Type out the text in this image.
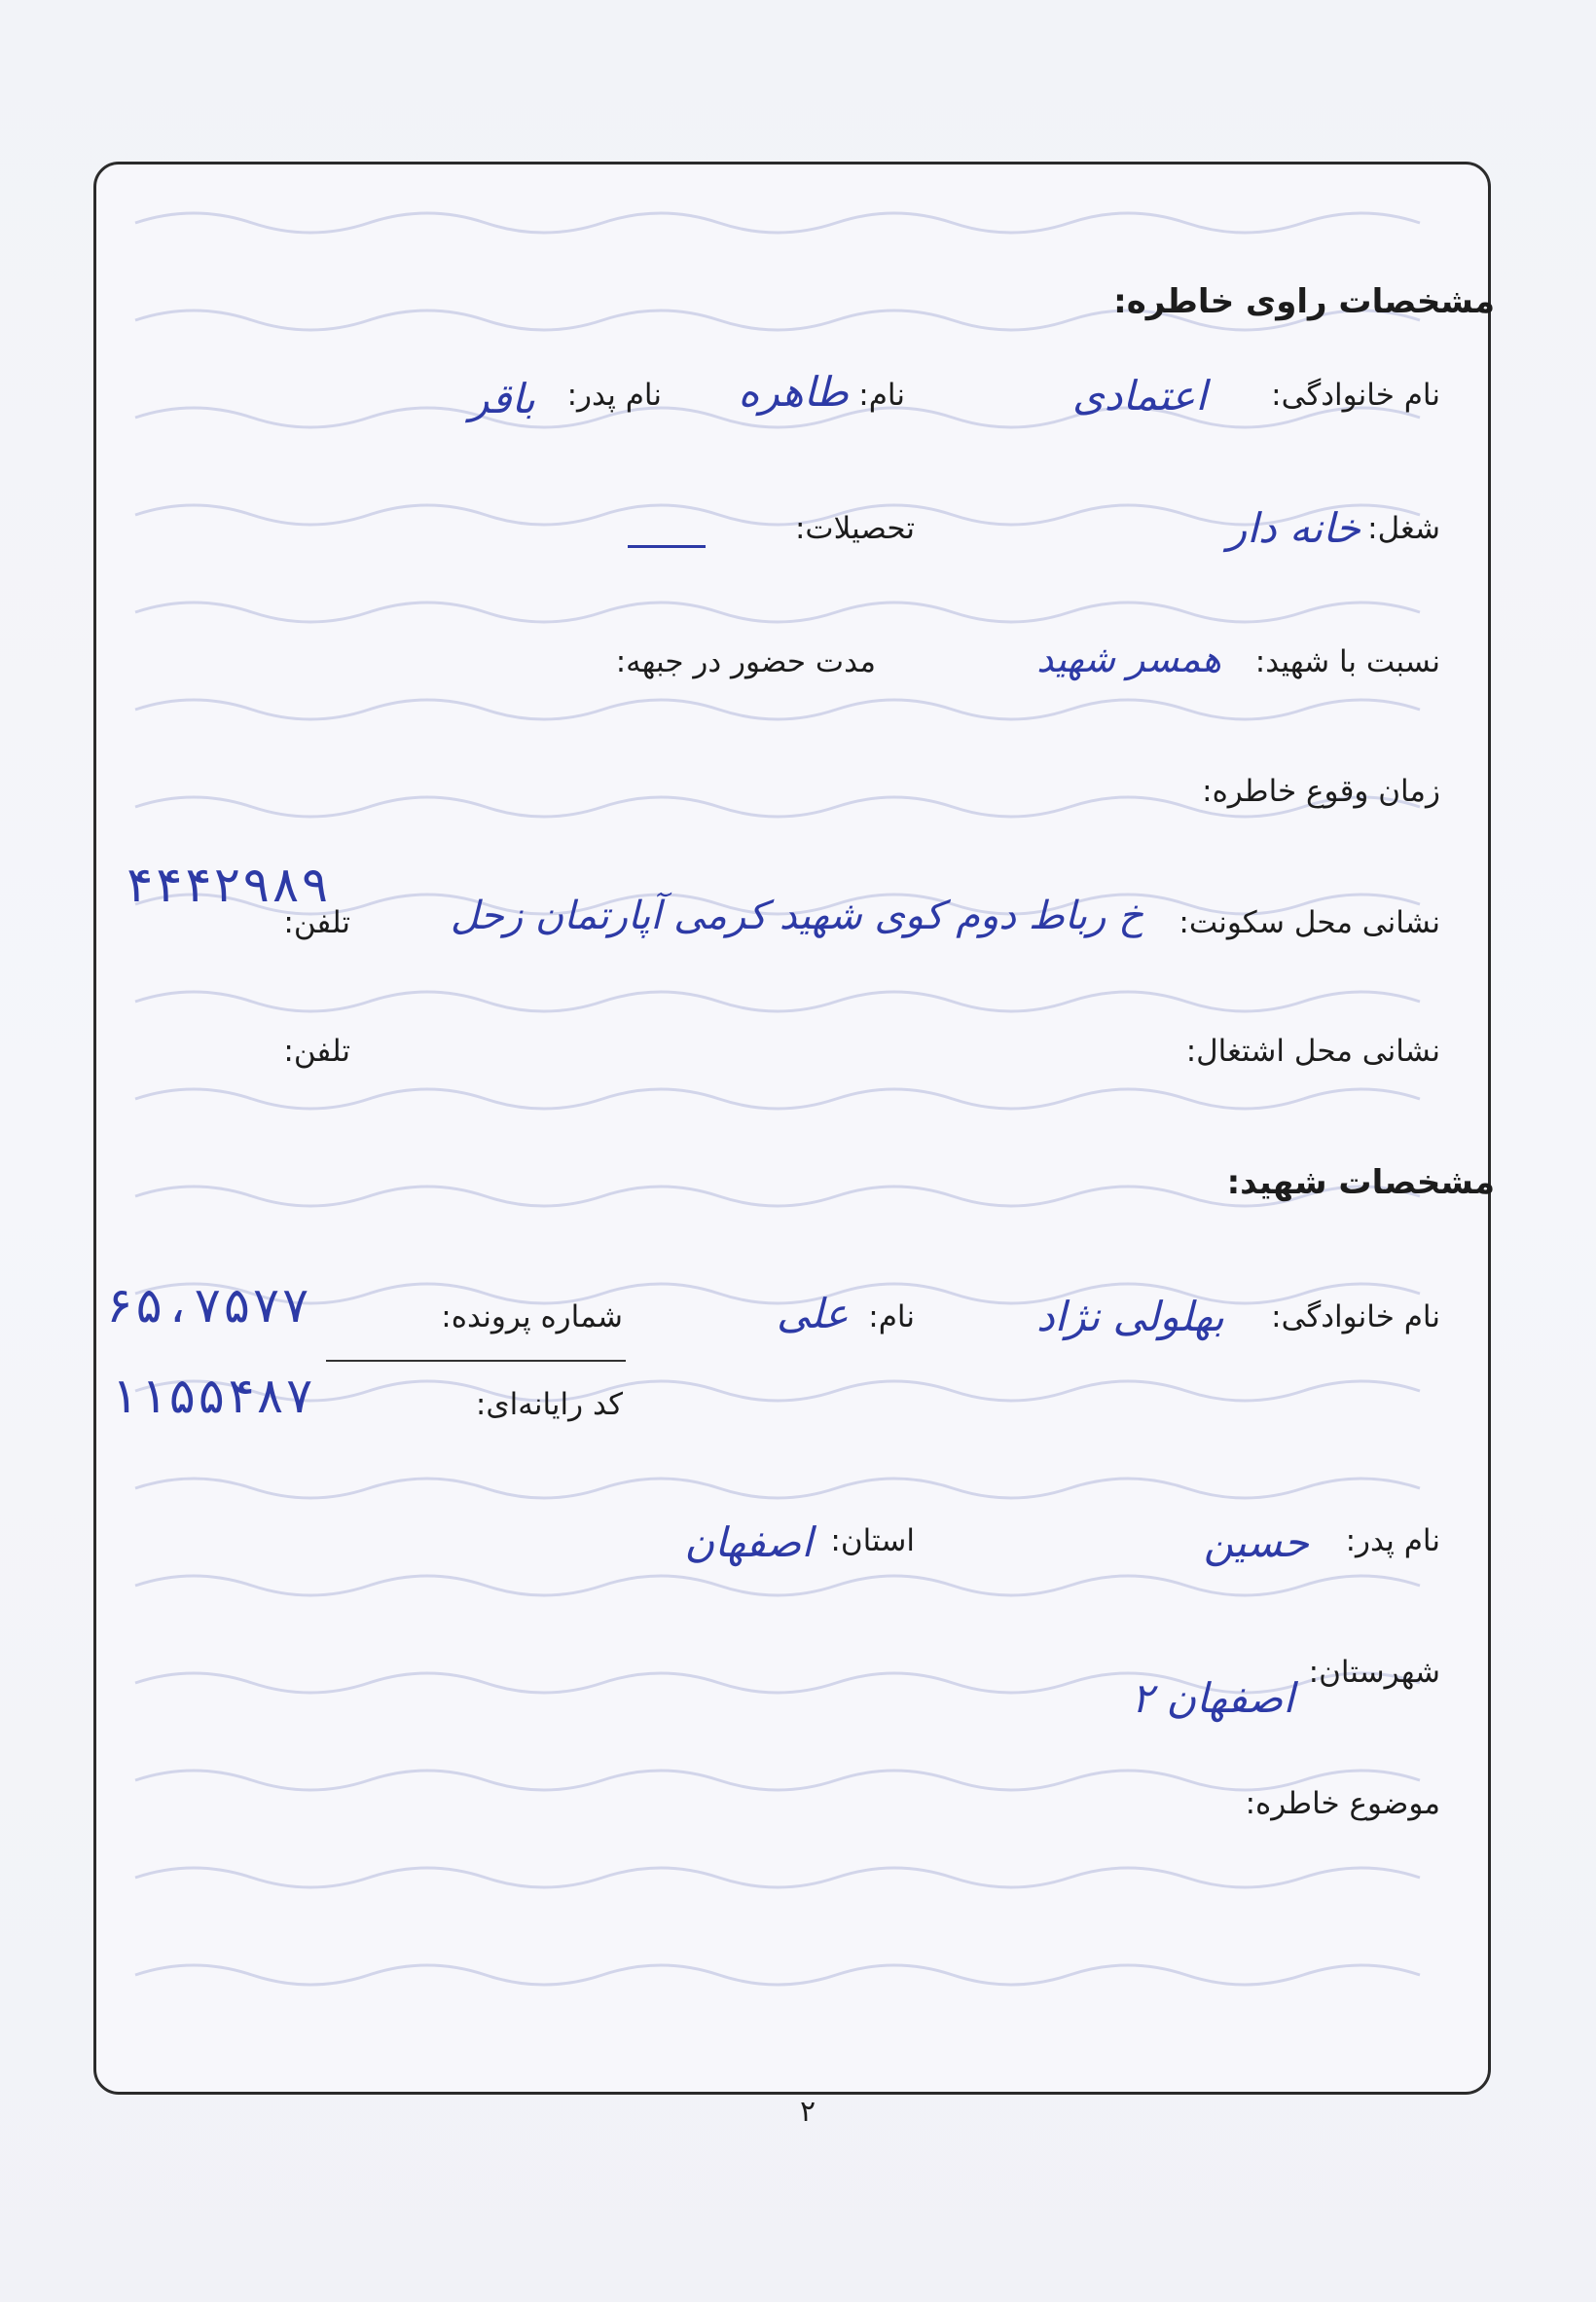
مشخصات راوی خاطره:
نام خانوادگی:
اعتمادی
نام:
طاهره
نام پدر:
باقر
شغل:
خانه دار
تحصیلات:
نسبت با شهید:
همسر شهید
مدت حضور در جبهه:
زمان وقوع خاطره:
نشانی محل سکونت:
خ رباط دوم کوی شهید کرمی آپارتمان زحل
تلفن:
۴۴۴۲۹۸۹
نشانی محل اشتغال:
تلفن:
مشخصات شهید:
نام خانوادگی:
بهلولی نژاد
نام:
علی
شماره پرونده:
۶۵،۷۵۷۷
کد رایانه‌ای:
۱۱۵۵۴۸۷
نام پدر:
حسین
استان:
اصفهان
شهرستان:
اصفهان ۲
موضوع خاطره:
۲
